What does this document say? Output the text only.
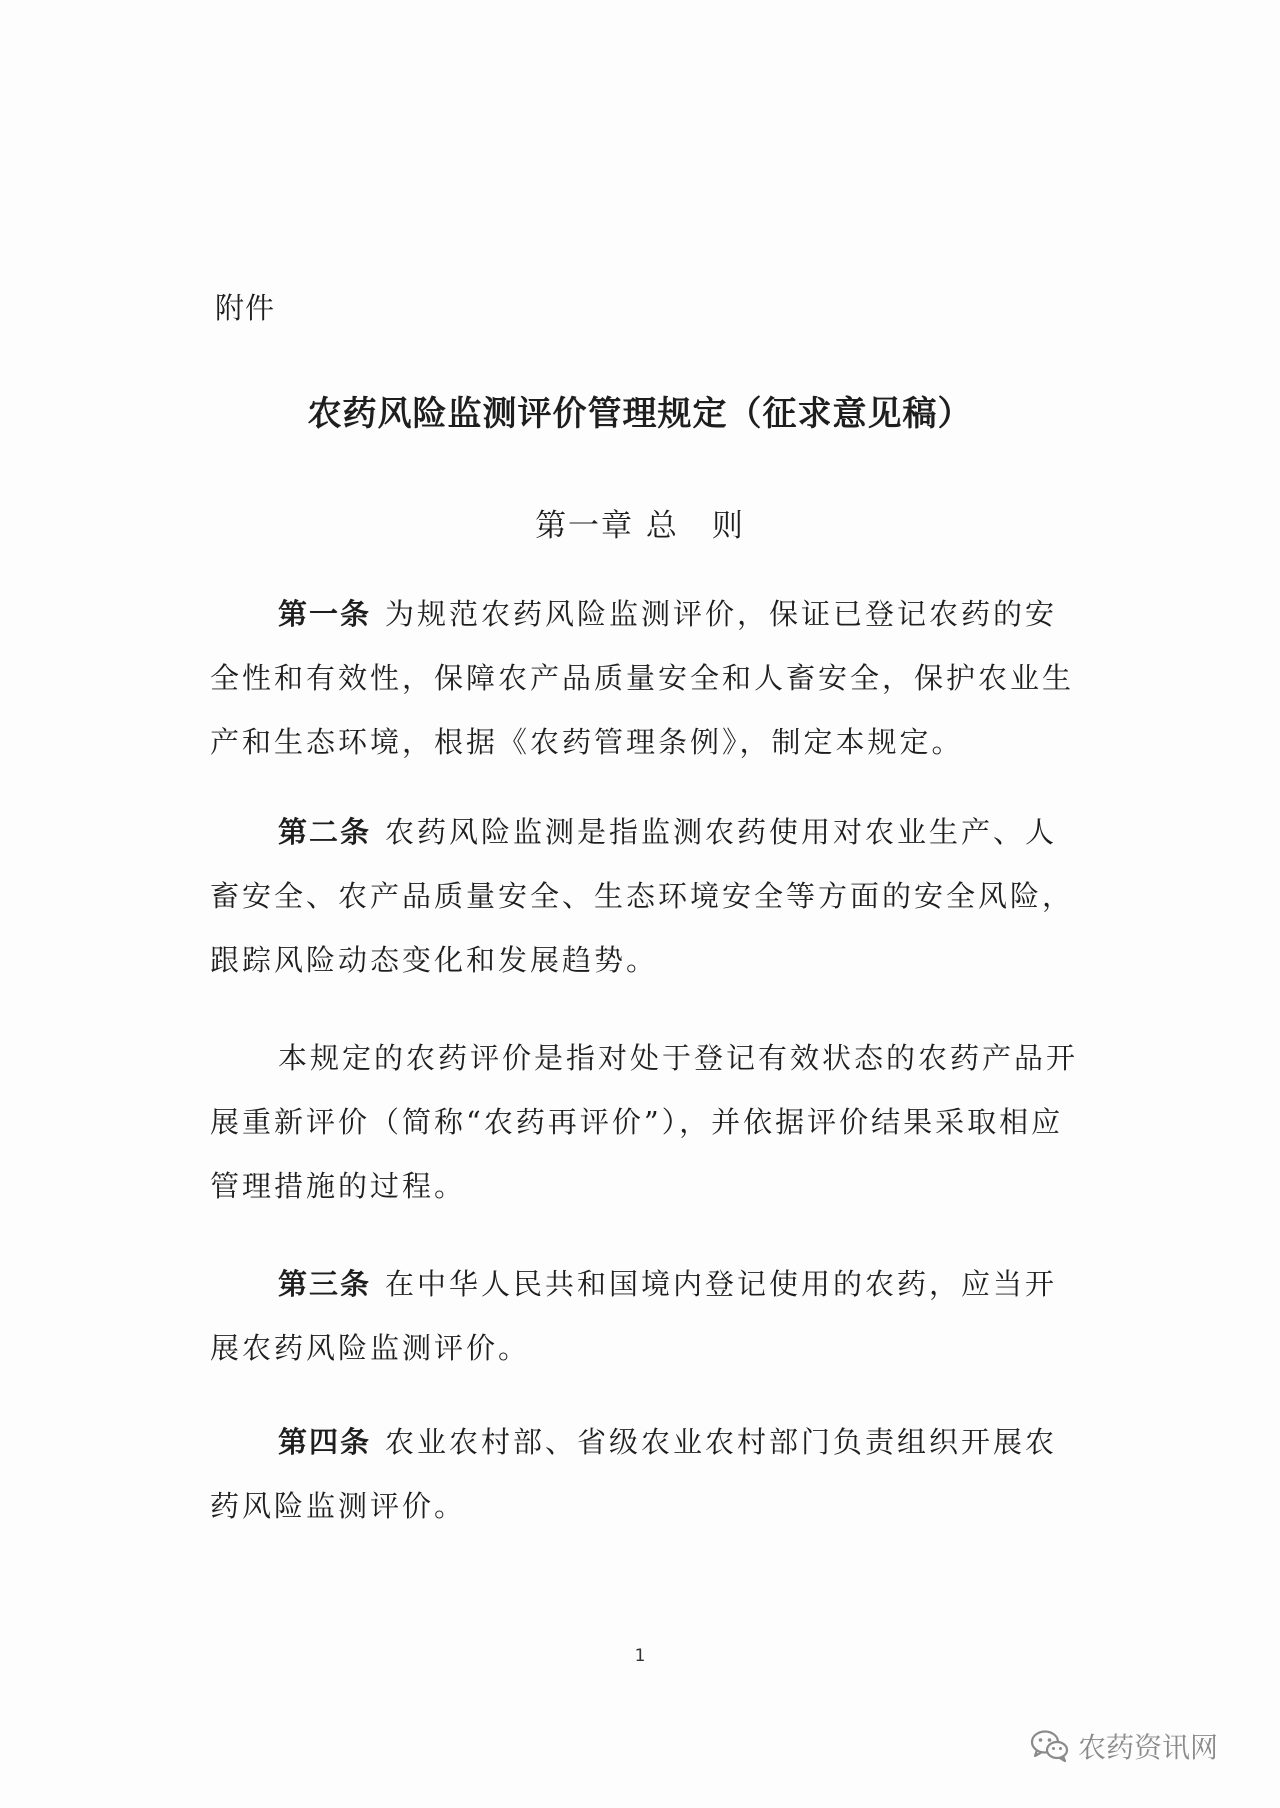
附件
农药风险监测评价管理规定（征求意见稿）
第一章 总　则

第一条 为规范农药风险监测评价，保证已登记农药的安全性和有效性，保障农产品质量安全和人畜安全，保护农业生产和生态环境，根据《农药管理条例》，制定本规定。

第二条 农药风险监测是指监测农药使用对农业生产、人畜安全、农产品质量安全、生态环境安全等方面的安全风险，跟踪风险动态变化和发展趋势。

本规定的农药评价是指对处于登记有效状态的农药产品开展重新评价（简称“农药再评价”），并依据评价结果采取相应管理措施的过程。

第三条 在中华人民共和国境内登记使用的农药，应当开展农药风险监测评价。

第四条 农业农村部、省级农业农村部门负责组织开展农药风险监测评价。

1
农药资讯网
